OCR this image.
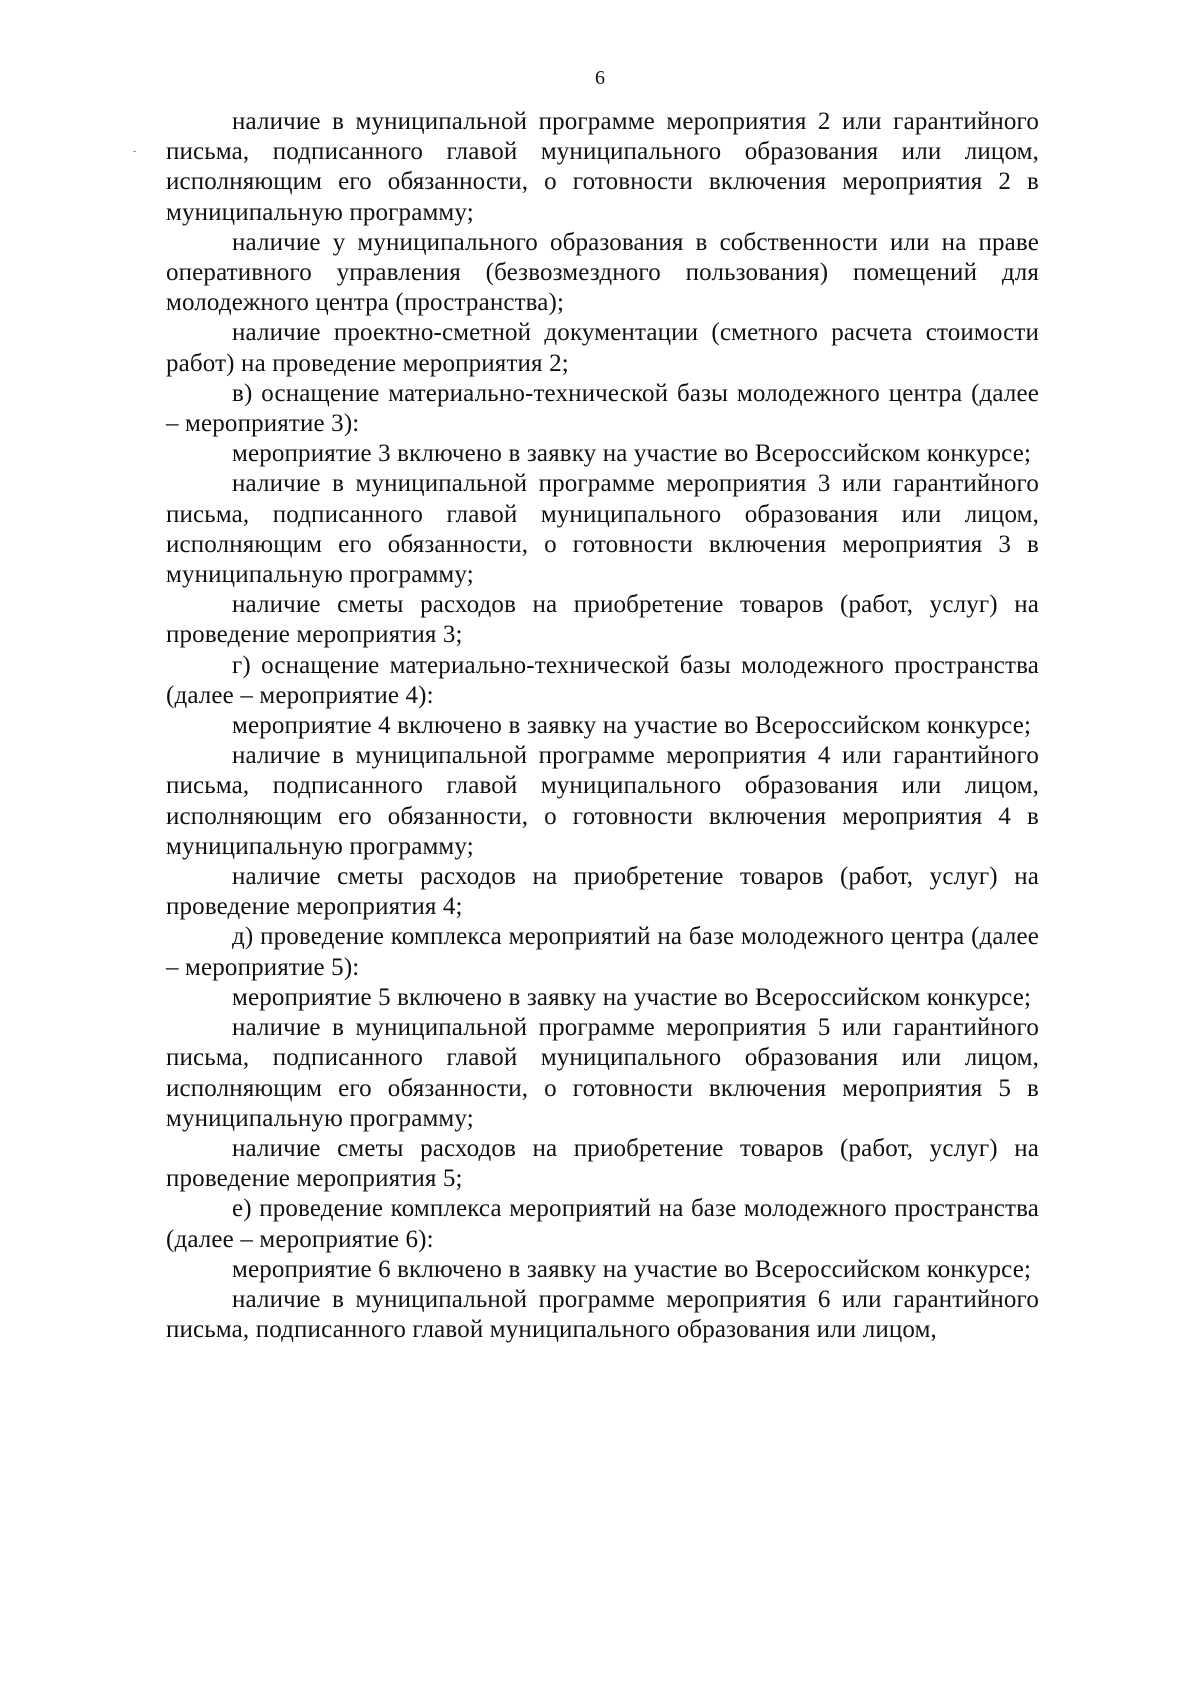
6

наличие в муниципальной программе мероприятия 2 или гарантийного письма, подписанного главой муниципального образования или лицом, исполняющим его обязанности, о готовности включения мероприятия 2 в муниципальную программу;

наличие у муниципального образования в собственности или на праве оперативного управления (безвозмездного пользования) помещений для молодежного центра (пространства);

наличие проектно-сметной документации (сметного расчета стоимости работ) на проведение мероприятия 2;

в) оснащение материально-технической базы молодежного центра (далее – мероприятие 3):

мероприятие 3 включено в заявку на участие во Всероссийском конкурсе;

наличие в муниципальной программе мероприятия 3 или гарантийного письма, подписанного главой муниципального образования или лицом, исполняющим его обязанности, о готовности включения мероприятия 3 в муниципальную программу;

наличие сметы расходов на приобретение товаров (работ, услуг) на проведение мероприятия 3;

г) оснащение материально-технической базы молодежного пространства (далее – мероприятие 4):

мероприятие 4 включено в заявку на участие во Всероссийском конкурсе;

наличие в муниципальной программе мероприятия 4 или гарантийного письма, подписанного главой муниципального образования или лицом, исполняющим его обязанности, о готовности включения мероприятия 4 в муниципальную программу;

наличие сметы расходов на приобретение товаров (работ, услуг) на проведение мероприятия 4;

д) проведение комплекса мероприятий на базе молодежного центра (далее – мероприятие 5):

мероприятие 5 включено в заявку на участие во Всероссийском конкурсе;

наличие в муниципальной программе мероприятия 5 или гарантийного письма, подписанного главой муниципального образования или лицом, исполняющим его обязанности, о готовности включения мероприятия 5 в муниципальную программу;

наличие сметы расходов на приобретение товаров (работ, услуг) на проведение мероприятия 5;

е) проведение комплекса мероприятий на базе молодежного пространства (далее – мероприятие 6):

мероприятие 6 включено в заявку на участие во Всероссийском конкурсе;

наличие в муниципальной программе мероприятия 6 или гарантийного письма, подписанного главой муниципального образования или лицом,
